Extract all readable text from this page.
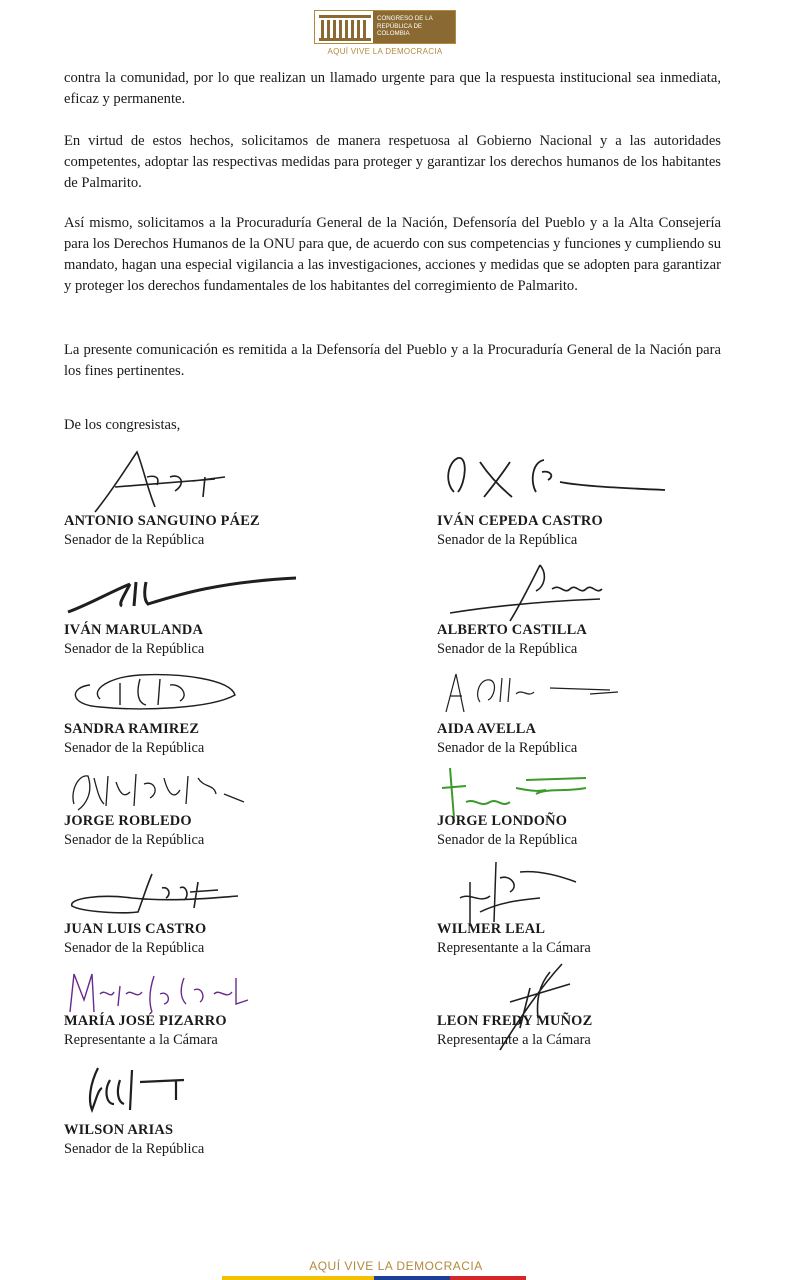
CONGRESO DE LA REPÚBLICA DE COLOMBIA
AQUÍ VIVE LA DEMOCRACIA
contra la comunidad, por lo que realizan un llamado urgente para que la respuesta institucional sea inmediata, eficaz y permanente.
En virtud de estos hechos, solicitamos de manera respetuosa al Gobierno Nacional y a las autoridades competentes, adoptar las respectivas medidas para proteger y garantizar los derechos humanos de los habitantes de Palmarito.
Así mismo, solicitamos a la Procuraduría General de la Nación, Defensoría del Pueblo y a la Alta Consejería para los Derechos Humanos de la ONU para que, de acuerdo con sus competencias y funciones y cumpliendo su mandato, hagan una especial vigilancia a las investigaciones, acciones y medidas que se adopten para garantizar y proteger los derechos fundamentales de los habitantes del corregimiento de Palmarito.
La presente comunicación es remitida a la Defensoría del Pueblo y a la Procuraduría General de la Nación para los fines pertinentes.
De los congresistas,
ANTONIO SANGUINO PÁEZ
Senador de la República
IVÁN CEPEDA CASTRO
Senador de la República
IVÁN MARULANDA
Senador de la República
ALBERTO CASTILLA
Senador de la República
SANDRA RAMIREZ
Senador de la República
AIDA AVELLA
Senador de la República
JORGE ROBLEDO
Senador de la República
JORGE LONDOÑO
Senador de la República
JUAN LUIS CASTRO
Senador de la República
WILMER LEAL
Representante a la Cámara
MARÍA JOSÉ PIZARRO
Representante a la Cámara
LEON FREDY MUÑOZ
Representante a la Cámara
WILSON ARIAS
Senador de la República
AQUÍ VIVE LA DEMOCRACIA
